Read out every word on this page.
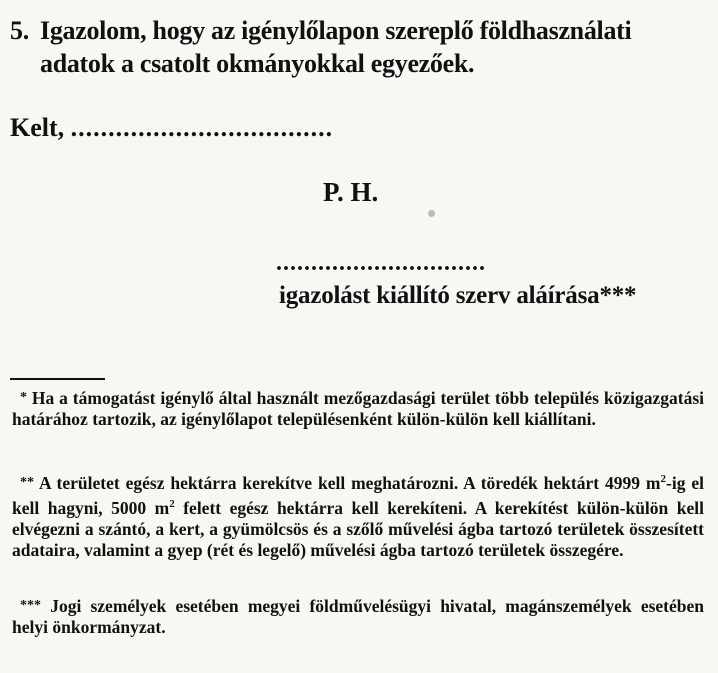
5. Igazolom, hogy az igénylőlapon szereplő földhasználati
adatok a csatolt okmányokkal egyezőek.
Kelt, ...................................
P. H.
..............................
igazolást kiállító szerv aláírása***
* Ha a támogatást igénylő által használt mezőgazdasági terület több település közigazgatási határához tartozik, az igénylőlapot településenként külön-külön kell kiállítani.
** A területet egész hektárra kerekítve kell meghatározni. A töredék hektárt 4999 $m^2-ig$ el kell hagyni, 5000 $m^2$ felett egész hektárra kell kerekíteni. A kerekítést külön-külön kell elvégezni a szántó, a kert, a gyümölcsös és a szőlő művelési ágba tartozó területek összesített adataira, valamint a gyep (rét és legelő) művelési ágba tartozó területek összegére.
*** Jogi személyek esetében megyei földművelésügyi hivatal, magánszemélyek esetében helyi önkormányzat.
